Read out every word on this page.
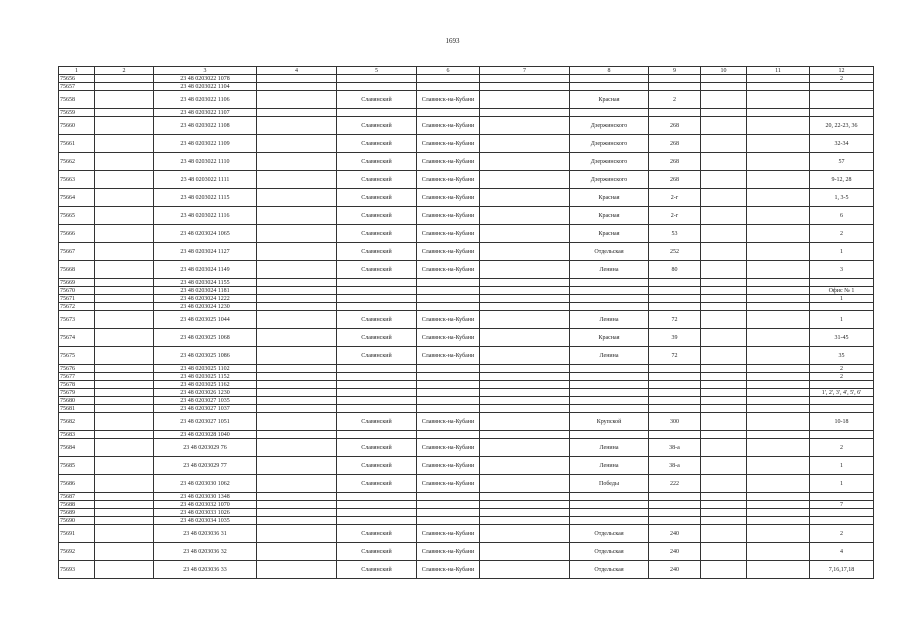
1693
1	2	3	4	5	6	7	8	9	10	11	12
75656		23 48 0203022 1078									2
75657		23 48 0203022 1104									
75658		23 48 0203022 1106		Славянский	Славянск-на-Кубани		Красная	2			
75659		23 48 0203022 1107									
75660		23 48 0203022 1108		Славянский	Славянск-на-Кубани		Дзержинского	268			20, 22-23, 36
75661		23 48 0203022 1109		Славянский	Славянск-на-Кубани		Дзержинского	268			32-34
75662		23 48 0203022 1110		Славянский	Славянск-на-Кубани		Дзержинского	268			57
75663		23 48 0203022 1111		Славянский	Славянск-на-Кубани		Дзержинского	268			9-12, 28
75664		23 48 0203022 1115		Славянский	Славянск-на-Кубани		Красная	2-г			1, 3-5
75665		23 48 0203022 1116		Славянский	Славянск-на-Кубани		Красная	2-г			6
75666		23 48 0203024 1065		Славянский	Славянск-на-Кубани		Красная	53			2
75667		23 48 0203024 1127		Славянский	Славянск-на-Кубани		Отдельская	252			1
75668		23 48 0203024 1149		Славянский	Славянск-на-Кубани		Ленина	80			3
75669		23 48 0203024 1155									
75670		23 48 0203024 1181									Офис № 1
75671		23 48 0203024 1222									1
75672		23 48 0203024 1230									
75673		23 48 0203025 1044		Славянский	Славянск-на-Кубани		Ленина	72			1
75674		23 48 0203025 1068		Славянский	Славянск-на-Кубани		Красная	39			31-45
75675		23 48 0203025 1086		Славянский	Славянск-на-Кубани		Ленина	72			35
75676		23 48 0203025 1102									2
75677		23 48 0203025 1152									2
75678		23 48 0203025 1162									
75679		23 48 0203026 1230									1', 2', 3', 4', 5', 6'
75680		23 48 0203027 1035									
75681		23 48 0203027 1037									
75682		23 48 0203027 1051		Славянский	Славянск-на-Кубани		Крупской	300			10-18
75683		23 48 0203028 1040									
75684		23 48 0203029 76		Славянский	Славянск-на-Кубани		Ленина	38-а			2
75685		23 48 0203029 77		Славянский	Славянск-на-Кубани		Ленина	38-а			1
75686		23 48 0203030 1062		Славянский	Славянск-на-Кубани		Победы	222			1
75687		23 48 0203030 1348									
75688		23 48 0203032 1070									7
75689		23 48 0203033 1026									
75690		23 48 0203034 1035									
75691		23 48 0203036 31		Славянский	Славянск-на-Кубани		Отдельская	240			2
75692		23 48 0203036 32		Славянский	Славянск-на-Кубани		Отдельская	240			4
75693		23 48 0203036 33		Славянский	Славянск-на-Кубани		Отдельская	240			7,16,17,18
